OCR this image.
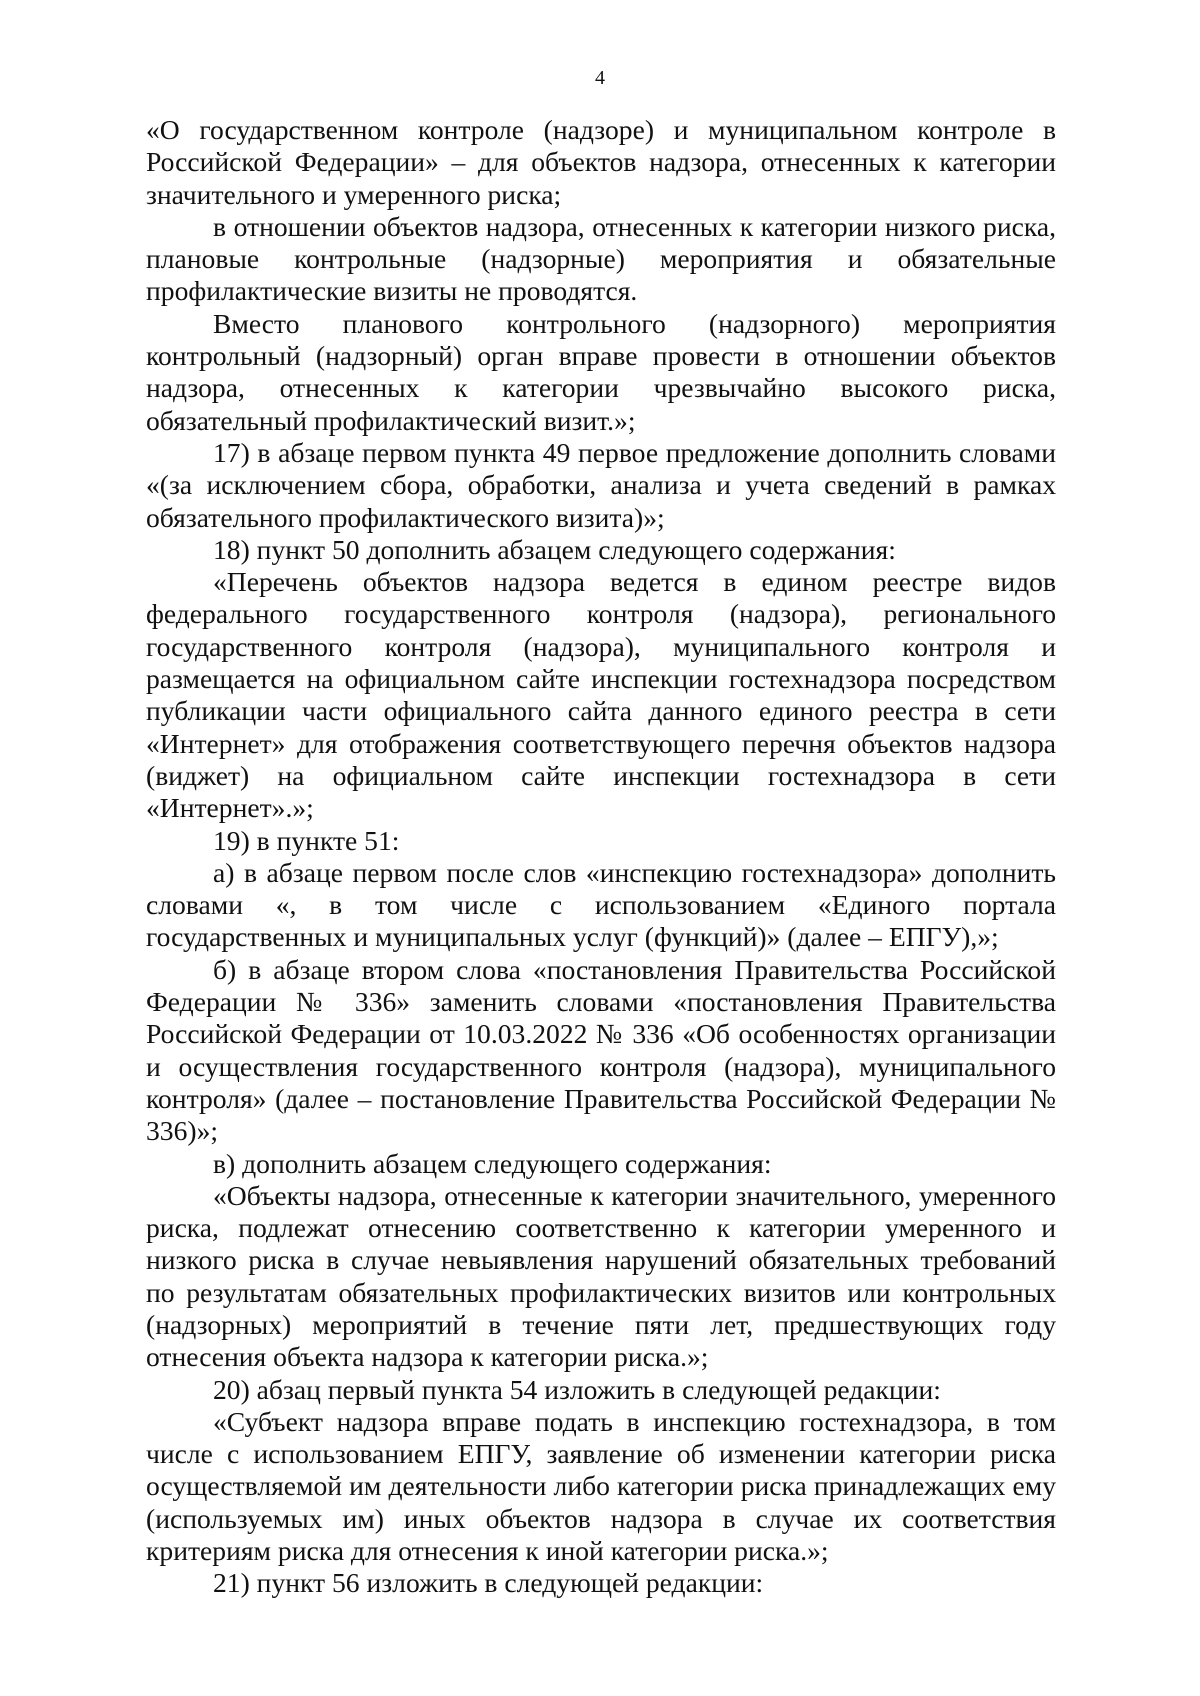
4

«О государственном контроле (надзоре) и муниципальном контроле в Российской Федерации» – для объектов надзора, отнесенных к категории значительного и умеренного риска;

в отношении объектов надзора, отнесенных к категории низкого риска, плановые контрольные (надзорные) мероприятия и обязательные профилактические визиты не проводятся.

Вместо планового контрольного (надзорного) мероприятия контрольный (надзорный) орган вправе провести в отношении объектов надзора, отнесенных к категории чрезвычайно высокого риска, обязательный профилактический визит.»;

17) в абзаце первом пункта 49 первое предложение дополнить словами «(за исключением сбора, обработки, анализа и учета сведений в рамках обязательного профилактического визита)»;

18) пункт 50 дополнить абзацем следующего содержания:

«Перечень объектов надзора ведется в едином реестре видов федерального государственного контроля (надзора), регионального государственного контроля (надзора), муниципального контроля и размещается на официальном сайте инспекции гостехнадзора посредством публикации части официального сайта данного единого реестра в сети «Интернет» для отображения соответствующего перечня объектов надзора (виджет) на официальном сайте инспекции гостехнадзора в сети «Интернет».»;

19) в пункте 51:

а) в абзаце первом после слов «инспекцию гостехнадзора» дополнить словами «, в том числе с использованием «Единого портала государственных и муниципальных услуг (функций)» (далее – ЕПГУ),»;

б) в абзаце втором слова «постановления Правительства Российской Федерации № 336» заменить словами «постановления Правительства Российской Федерации от 10.03.2022 № 336 «Об особенностях организации и осуществления государственного контроля (надзора), муниципального контроля» (далее – постановление Правительства Российской Федерации № 336)»;

в) дополнить абзацем следующего содержания:

«Объекты надзора, отнесенные к категории значительного, умеренного риска, подлежат отнесению соответственно к категории умеренного и низкого риска в случае невыявления нарушений обязательных требований по результатам обязательных профилактических визитов или контрольных (надзорных) мероприятий в течение пяти лет, предшествующих году отнесения объекта надзора к категории риска.»;

20) абзац первый пункта 54 изложить в следующей редакции:

«Субъект надзора вправе подать в инспекцию гостехнадзора, в том числе с использованием ЕПГУ, заявление об изменении категории риска осуществляемой им деятельности либо категории риска принадлежащих ему (используемых им) иных объектов надзора в случае их соответствия критериям риска для отнесения к иной категории риска.»;

21) пункт 56 изложить в следующей редакции:
